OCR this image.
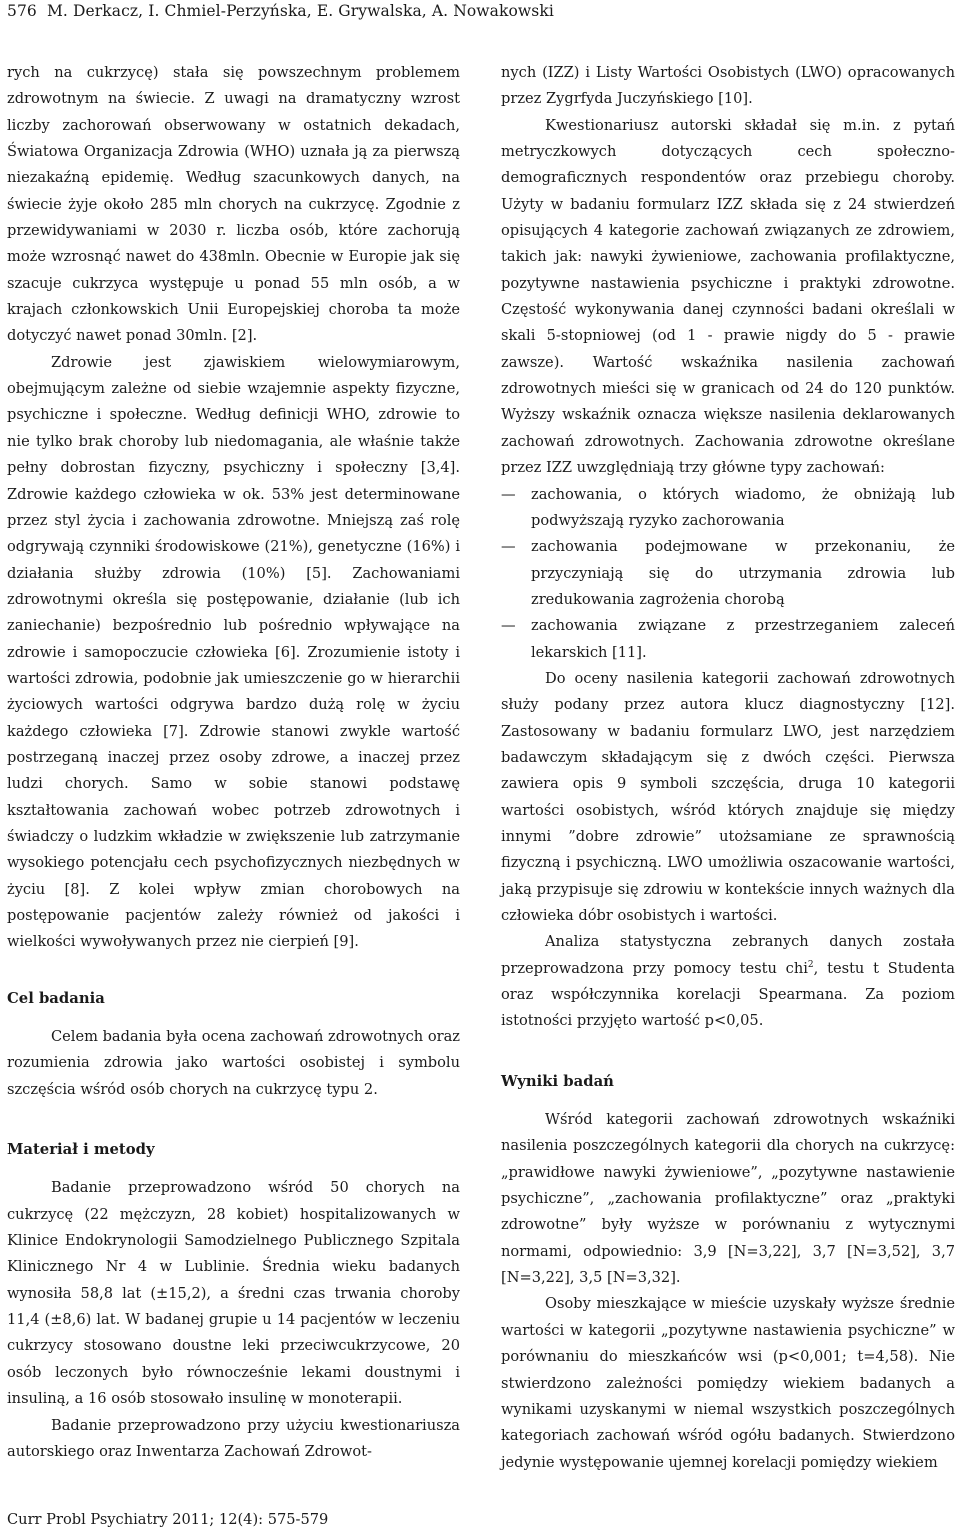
576 M. Derkacz, I. Chmiel-Perzyńska, E. Grywalska, A. Nowakowski

rych na cukrzycę) stała się powszechnym problemem zdrowotnym na świecie. Z uwagi na dramatyczny wzrost liczby zachorowań obserwowany w ostatnich dekadach, Światowa Organizacja Zdrowia (WHO) uznała ją za pierwszą niezakaźną epidemię. Według szacunkowych danych, na świecie żyje około 285 mln chorych na cukrzycę. Zgodnie z przewidywaniami w 2030 r. liczba osób, które zachorują może wzrosnąć nawet do 438mln. Obecnie w Europie jak się szacuje cukrzyca występuje u ponad 55 mln osób, a w krajach członkowskich Unii Europejskiej choroba ta może dotyczyć nawet ponad 30mln. [2].

Zdrowie jest zjawiskiem wielowymiarowym, obejmującym zależne od siebie wzajemnie aspekty fizyczne, psychiczne i społeczne. Według definicji WHO, zdrowie to nie tylko brak choroby lub niedomagania, ale właśnie także pełny dobrostan fizyczny, psychiczny i społeczny [3,4]. Zdrowie każdego człowieka w ok. 53% jest determinowane przez styl życia i zachowania zdrowotne. Mniejszą zaś rolę odgrywają czynniki środowiskowe (21%), genetyczne (16%) i działania służby zdrowia (10%) [5]. Zachowaniami zdrowotnymi określa się postępowanie, działanie (lub ich zaniechanie) bezpośrednio lub pośrednio wpływające na zdrowie i samopoczucie człowieka [6]. Zrozumienie istoty i wartości zdrowia, podobnie jak umieszczenie go w hierarchii życiowych wartości odgrywa bardzo dużą rolę w życiu każdego człowieka [7]. Zdrowie stanowi zwykle wartość postrzeganą inaczej przez osoby zdrowe, a inaczej przez ludzi chorych. Samo w sobie stanowi podstawę kształtowania zachowań wobec potrzeb zdrowotnych i świadczy o ludzkim wkładzie w zwiększenie lub zatrzymanie wysokiego potencjału cech psychofizycznych niezbędnych w życiu [8]. Z kolei wpływ zmian chorobowych na postępowanie pacjentów zależy również od jakości i wielkości wywoływanych przez nie cierpień [9].

Cel badania

Celem badania była ocena zachowań zdrowotnych oraz rozumienia zdrowia jako wartości osobistej i symbolu szczęścia wśród osób chorych na cukrzycę typu 2.

Materiał i metody

Badanie przeprowadzono wśród 50 chorych na cukrzycę (22 mężczyzn, 28 kobiet) hospitalizowanych w Klinice Endokrynologii Samodzielnego Publicznego Szpitala Klinicznego Nr 4 w Lublinie. Średnia wieku badanych wynosiła 58,8 lat (±15,2), a średni czas trwania choroby 11,4 (±8,6) lat. W badanej grupie u 14 pacjentów w leczeniu cukrzycy stosowano doustne leki przeciwcukrzycowe, 20 osób leczonych było równocześnie lekami doustnymi i insuliną, a 16 osób stosowało insulinę w monoterapii.

Badanie przeprowadzono przy użyciu kwestionariusza autorskiego oraz Inwentarza Zachowań Zdrowot-

nych (IZZ) i Listy Wartości Osobistych (LWO) opracowanych przez Zygrfyda Juczyńskiego [10].

Kwestionariusz autorski składał się m.in. z pytań metryczkowych dotyczących cech społeczno-demograficznych respondentów oraz przebiegu choroby. Użyty w badaniu formularz IZZ składa się z 24 stwierdzeń opisujących 4 kategorie zachowań związanych ze zdrowiem, takich jak: nawyki żywieniowe, zachowania profilaktyczne, pozytywne nastawienia psychiczne i praktyki zdrowotne. Częstość wykonywania danej czynności badani określali w skali 5-stopniowej (od 1 - prawie nigdy do 5 - prawie zawsze). Wartość wskaźnika nasilenia zachowań zdrowotnych mieści się w granicach od 24 do 120 punktów. Wyższy wskaźnik oznacza większe nasilenia deklarowanych zachowań zdrowotnych. Zachowania zdrowotne określane przez IZZ uwzględniają trzy główne typy zachowań:

— zachowania, o których wiadomo, że obniżają lub podwyższają ryzyko zachorowania
— zachowania podejmowane w przekonaniu, że przyczyniają się do utrzymania zdrowia lub zredukowania zagrożenia chorobą
— zachowania związane z przestrzeganiem zaleceń lekarskich [11].

Do oceny nasilenia kategorii zachowań zdrowotnych służy podany przez autora klucz diagnostyczny [12]. Zastosowany w badaniu formularz LWO, jest narzędziem badawczym składającym się z dwóch części. Pierwsza zawiera opis 9 symboli szczęścia, druga 10 kategorii wartości osobistych, wśród których znajduje się między innymi ”dobre zdrowie” utożsamiane ze sprawnością fizyczną i psychiczną. LWO umożliwia oszacowanie wartości, jaką przypisuje się zdrowiu w kontekście innych ważnych dla człowieka dóbr osobistych i wartości.

Analiza statystyczna zebranych danych została przeprowadzona przy pomocy testu chi$^2$, testu t Studenta oraz współczynnika korelacji Spearmana. Za poziom istotności przyjęto wartość p<0,05.

Wyniki badań

Wśród kategorii zachowań zdrowotnych wskaźniki nasilenia poszczególnych kategorii dla chorych na cukrzycę: „prawidłowe nawyki żywieniowe”, „pozytywne nastawienie psychiczne”, „zachowania profilaktyczne” oraz „praktyki zdrowotne” były wyższe w porównaniu z wytycznymi normami, odpowiednio: 3,9 [N=3,22], 3,7 [N=3,52], 3,7 [N=3,22], 3,5 [N=3,32].

Osoby mieszkające w mieście uzyskały wyższe średnie wartości w kategorii „pozytywne nastawienia psychiczne” w porównaniu do mieszkańców wsi (p<0,001; t=4,58). Nie stwierdzono zależności pomiędzy wiekiem badanych a wynikami uzyskanymi w niemal wszystkich poszczególnych kategoriach zachowań wśród ogółu badanych. Stwierdzono jedynie występowanie ujemnej korelacji pomiędzy wiekiem

Curr Probl Psychiatry 2011; 12(4): 575-579
